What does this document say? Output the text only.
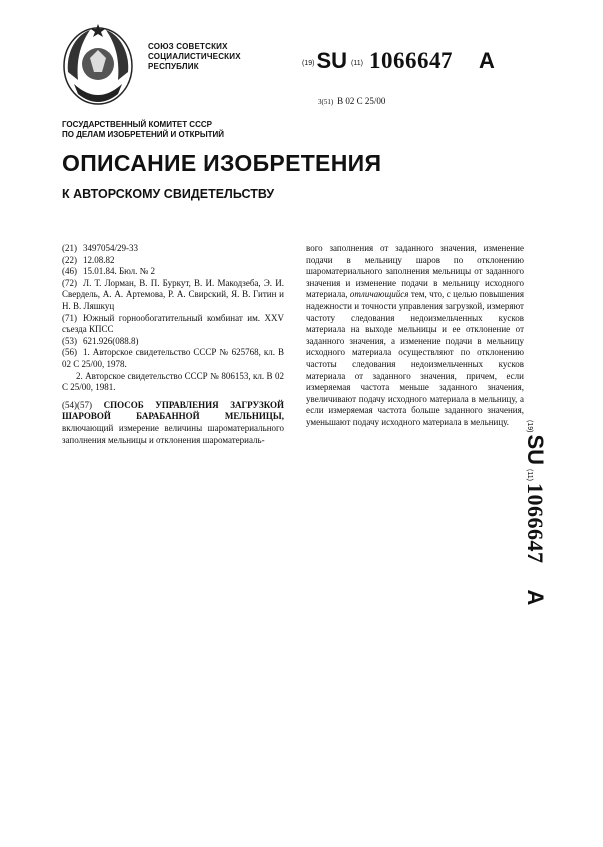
СОЮЗ СОВЕТСКИХ
СОЦИАЛИСТИЧЕСКИХ
РЕСПУБЛИК	(19)SU (11) 1066647 A
3(51) B 02 C 25/00
ГОСУДАРСТВЕННЫЙ КОМИТЕТ СССР
ПО ДЕЛАМ ИЗОБРЕТЕНИЙ И ОТКРЫТИЙ
ОПИСАНИЕ ИЗОБРЕТЕНИЯ
К АВТОРСКОМУ СВИДЕТЕЛЬСТВУ

(21) 3497054/29-33

(22) 12.08.82

(46) 15.01.84. Бюл. № 2

(72) Л. Т. Лорман, В. П. Буркут, В. И. Макодзеба, Э. И. Свердель, А. А. Артемова, Р. А. Свирский, Я. В. Гитин и Н. В. Ляшкуц

(71) Южный горнообогатительный комбинат им. XXV съезда КПСС

(53) 621.926(088.8)

(56) 1. Авторское свидетельство СССР № 625768, кл. В 02 С 25/00, 1978.

2. Авторское свидетельство СССР № 806153, кл. В 02 С 25/00, 1981.

(54)(57) СПОСОБ УПРАВЛЕНИЯ ЗАГРУЗКОЙ ШАРОВОЙ БАРАБАННОЙ МЕЛЬНИЦЫ, включающий измерение величины шароматериального заполнения мельницы и отклонения шароматериаль-

вого заполнения от заданного значения, изменение подачи в мельницу шаров по отклонению шароматериального заполнения мельницы от заданного значения и изменение подачи в мельницу исходного материала, отличающийся тем, что, с целью повышения надежности и точности управления загрузкой, измеряют частоту следования недоизмельченных кусков материала на выходе мельницы и ее отклонение от заданного значения, а изменение подачи в мельницу исходного материала осуществляют по отклонению частоты следования недоизмельченных кусков материала от заданного значения, причем, если измеряемая частота меньше заданного значения, увеличивают подачу исходного материала в мельницу, а если измеряемая частота больше заданного значения, уменьшают подачу исходного материала в мельницу.	(19)SU(11)1066647A
